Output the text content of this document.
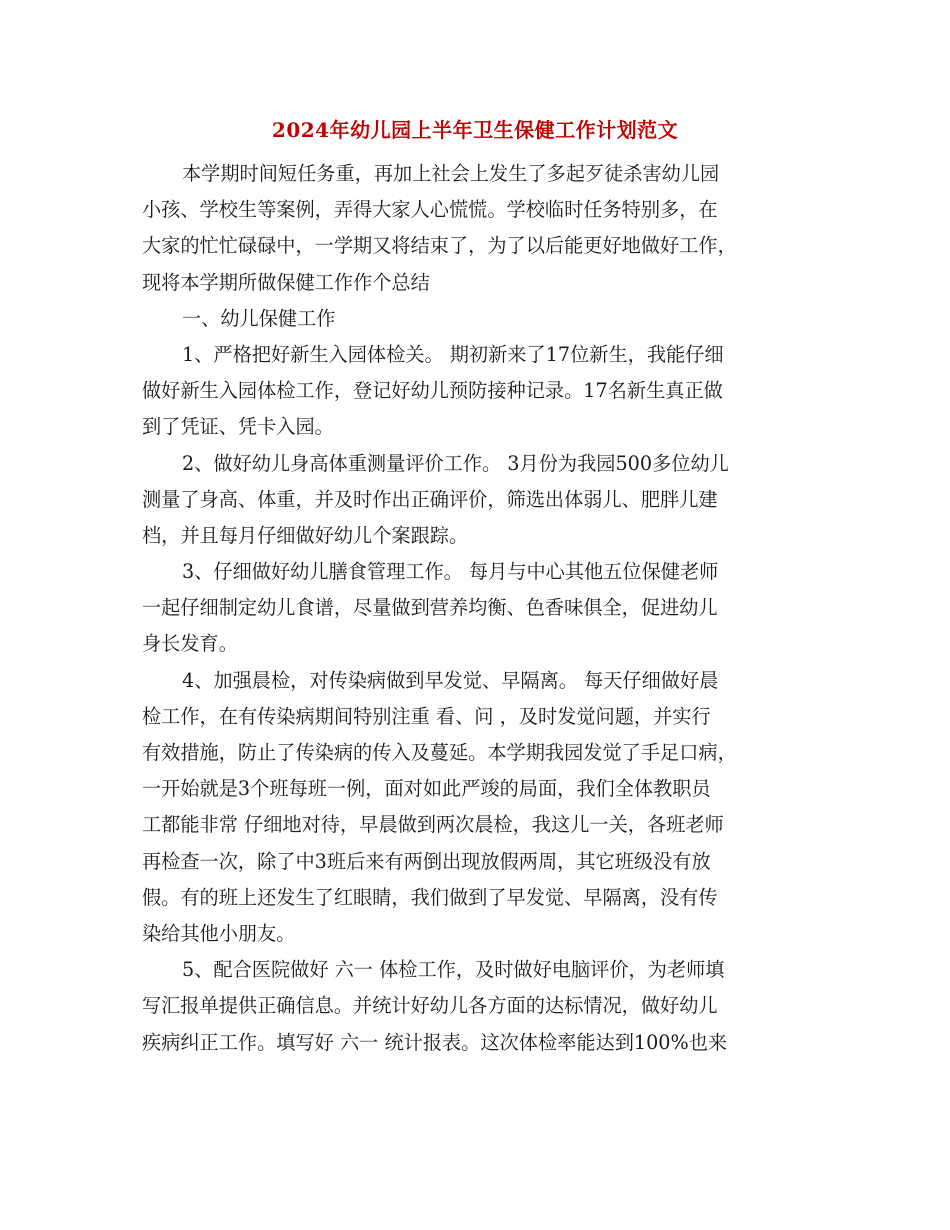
2024年幼儿园上半年卫生保健工作计划范文
本学期时间短任务重，再加上社会上发生了多起歹徒杀害幼儿园
小孩、学校生等案例，弄得大家人心慌慌。学校临时任务特别多，在
大家的忙忙碌碌中，一学期又将结束了，为了以后能更好地做好工作，
现将本学期所做保健工作作个总结
一、幼儿保健工作
1、严格把好新生入园体检关。 期初新来了17位新生，我能仔细
做好新生入园体检工作，登记好幼儿预防接种记录。17名新生真正做
到了凭证、凭卡入园。
2、做好幼儿身高体重测量评价工作。 3月份为我园500多位幼儿
测量了身高、体重，并及时作出正确评价，筛选出体弱儿、肥胖儿建
档，并且每月仔细做好幼儿个案跟踪。
3、仔细做好幼儿膳食管理工作。 每月与中心其他五位保健老师
一起仔细制定幼儿食谱，尽量做到营养均衡、色香味俱全，促进幼儿
身长发育。
4、加强晨检，对传染病做到早发觉、早隔离。 每天仔细做好晨
检工作，在有传染病期间特别注重 看、问 ，及时发觉问题，并实行
有效措施，防止了传染病的传入及蔓延。本学期我园发觉了手足口病，
一开始就是3个班每班一例，面对如此严竣的局面，我们全体教职员
工都能非常 仔细地对待，早晨做到两次晨检，我这儿一关，各班老师
再检查一次，除了中3班后来有两倒出现放假两周，其它班级没有放
假。有的班上还发生了红眼睛，我们做到了早发觉、早隔离，没有传
染给其他小朋友。
5、配合医院做好 六一 体检工作，及时做好电脑评价，为老师填
写汇报单提供正确信息。并统计好幼儿各方面的达标情况，做好幼儿
疾病纠正工作。填写好 六一 统计报表。这次体检率能达到100%也来
